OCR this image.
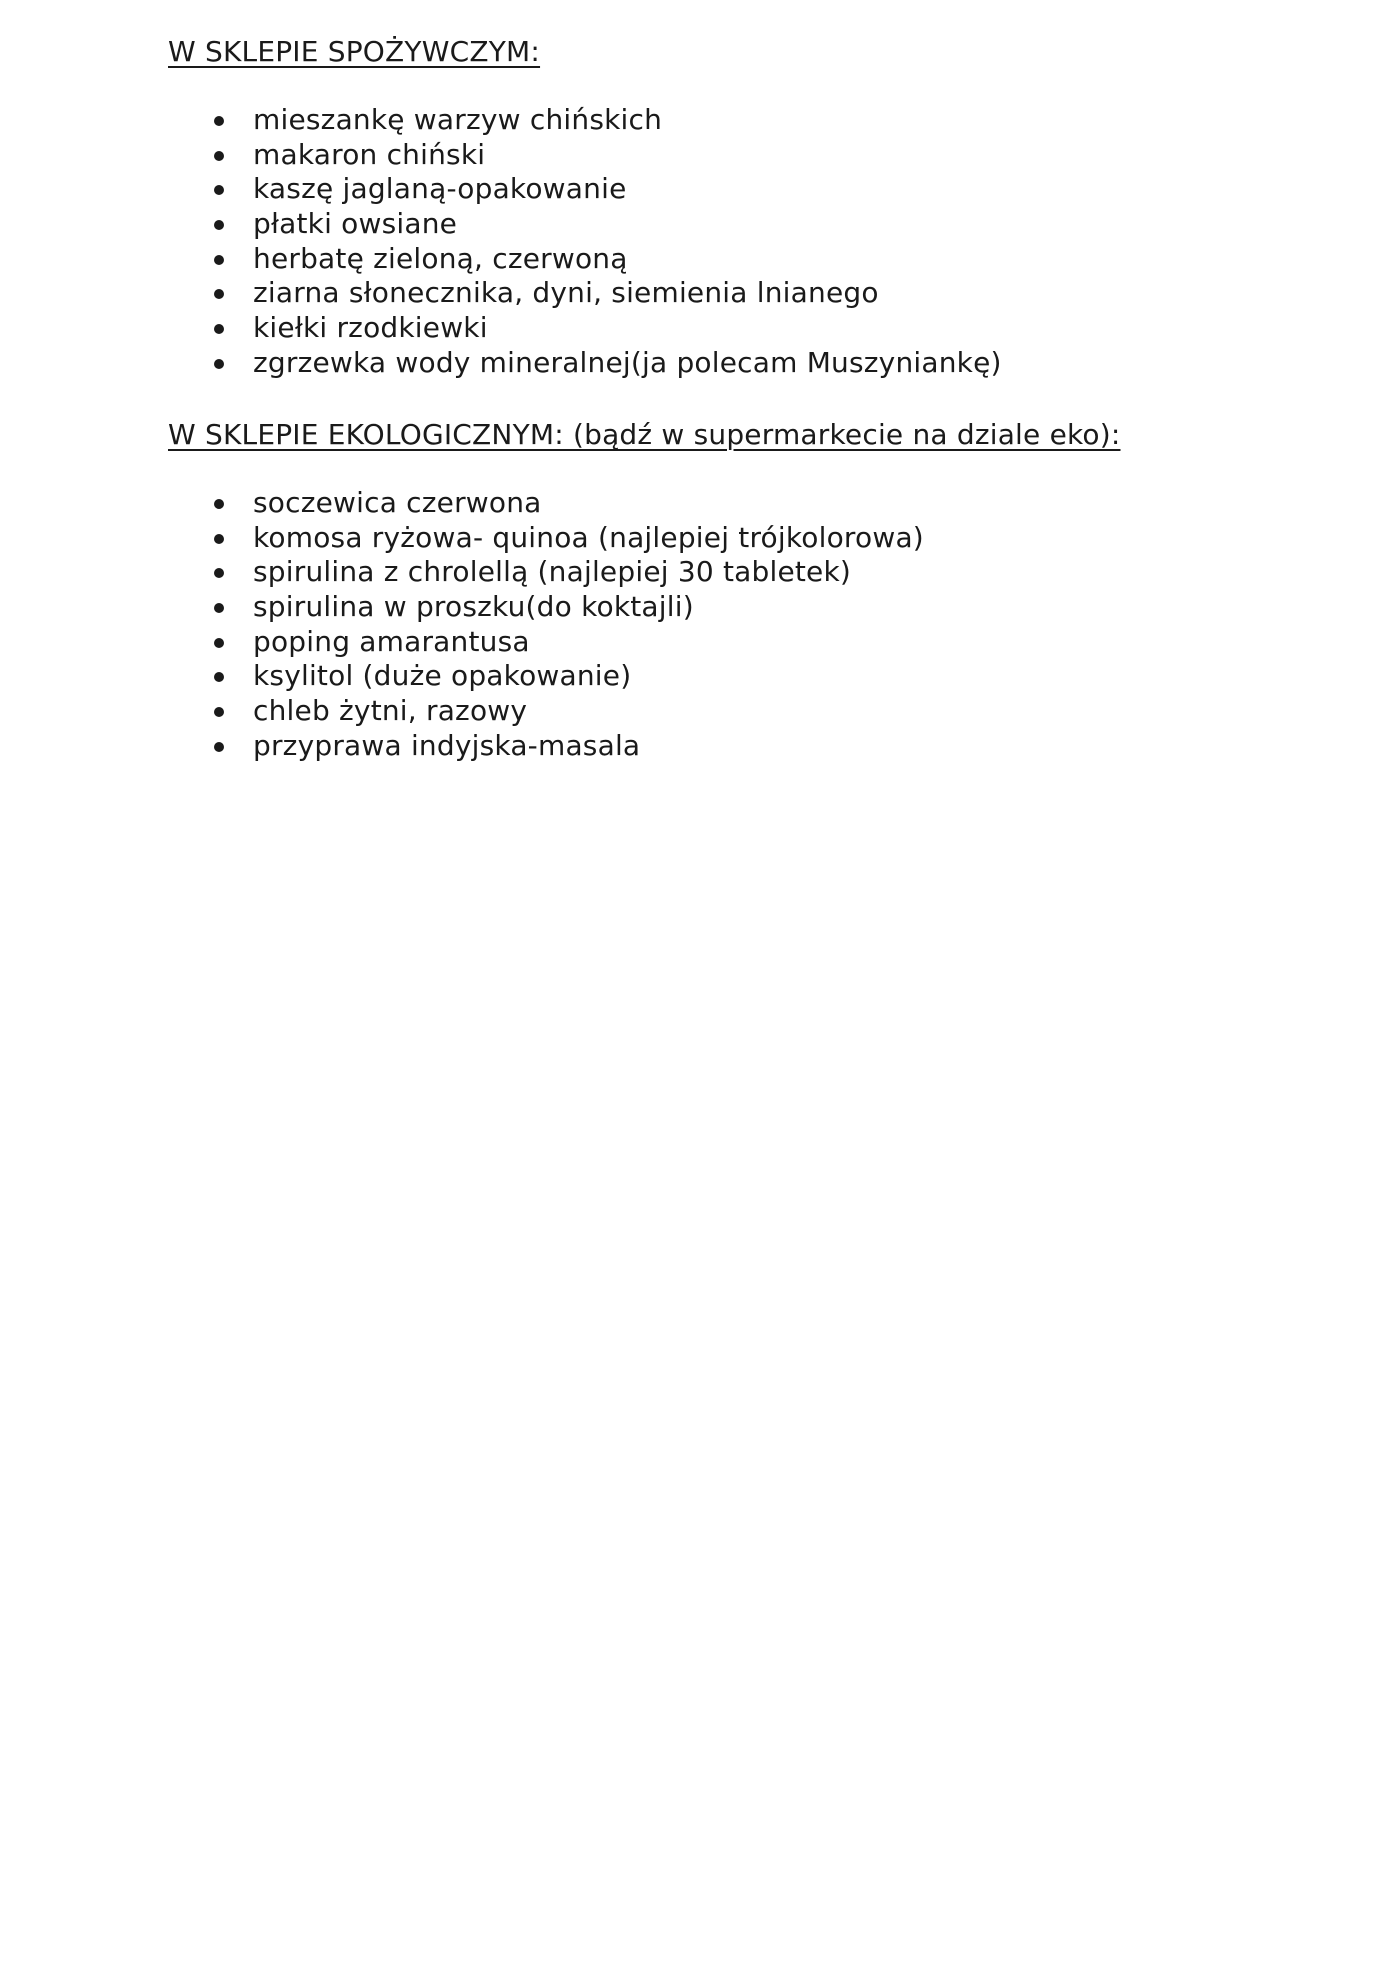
W SKLEPIE SPOŻYWCZYM:
mieszankę warzyw chińskich
makaron chiński
kaszę jaglaną-opakowanie
płatki owsiane
herbatę zieloną, czerwoną
ziarna słonecznika, dyni, siemienia lnianego
kiełki rzodkiewki
zgrzewka wody mineralnej(ja polecam Muszyniankę)
W SKLEPIE EKOLOGICZNYM: (bądź w supermarkecie na dziale eko):
soczewica czerwona
komosa ryżowa- quinoa (najlepiej trójkolorowa)
spirulina z chrolellą (najlepiej 30 tabletek)
spirulina w proszku(do koktajli)
poping amarantusa
ksylitol (duże opakowanie)
chleb żytni, razowy
przyprawa indyjska-masala
